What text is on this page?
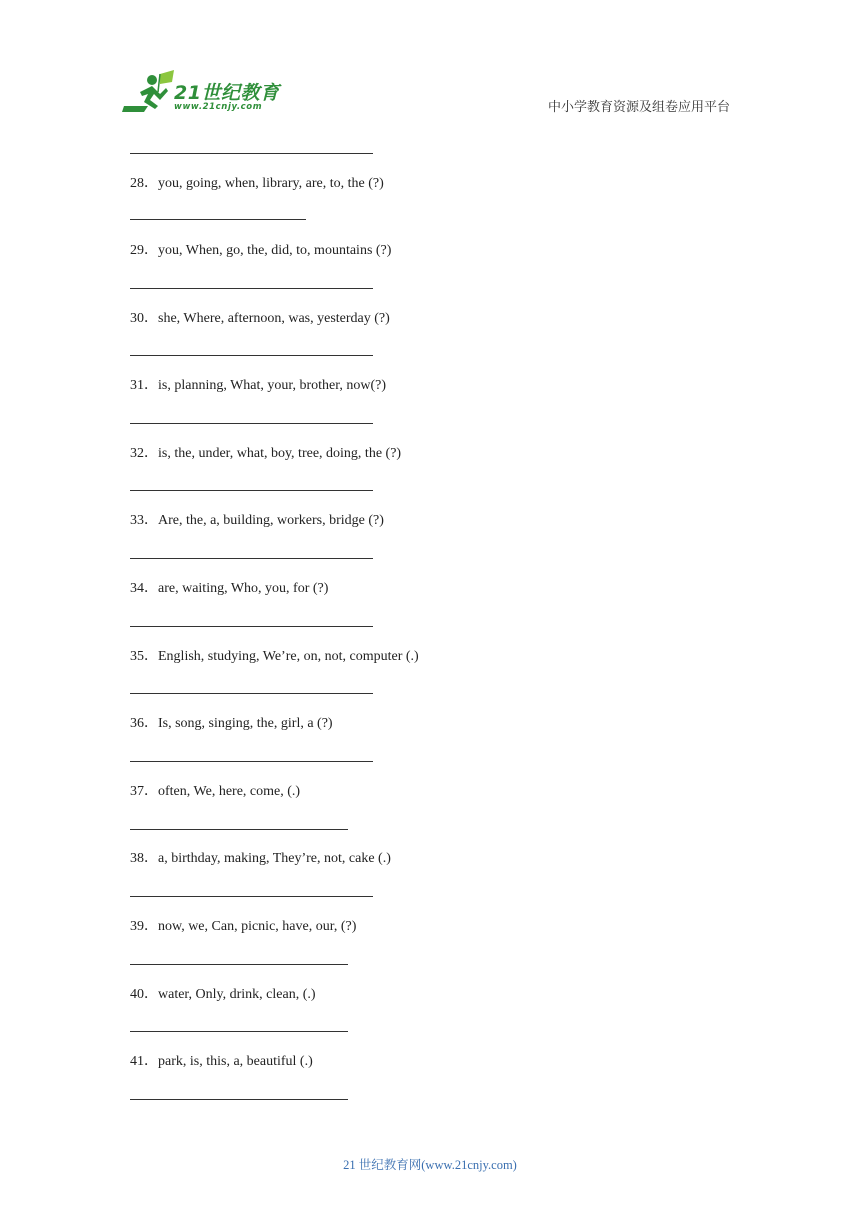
21世纪教育
www.21cnjy.com	中小学教育资源及组卷应用平台
28．you, going, when, library, are, to, the (?)
29．you, When, go, the, did, to, mountains (?)
30．she, Where, afternoon, was, yesterday (?)
31．is, planning, What, your, brother, now(?)
32．is, the, under, what, boy, tree, doing, the (?)
33．Are, the, a, building, workers, bridge (?)
34．are, waiting, Who, you, for (?)
35．English, studying, We’re, on, not, computer (.)
36．Is, song, singing, the, girl, a (?)
37．often, We, here, come, (.)
38．a, birthday, making, They’re, not, cake (.)
39．now, we, Can, picnic, have, our, (?)
40．water, Only, drink, clean, (.)
41．park, is, this, a, beautiful (.)
21 世纪教育网(www.21cnjy.com)
